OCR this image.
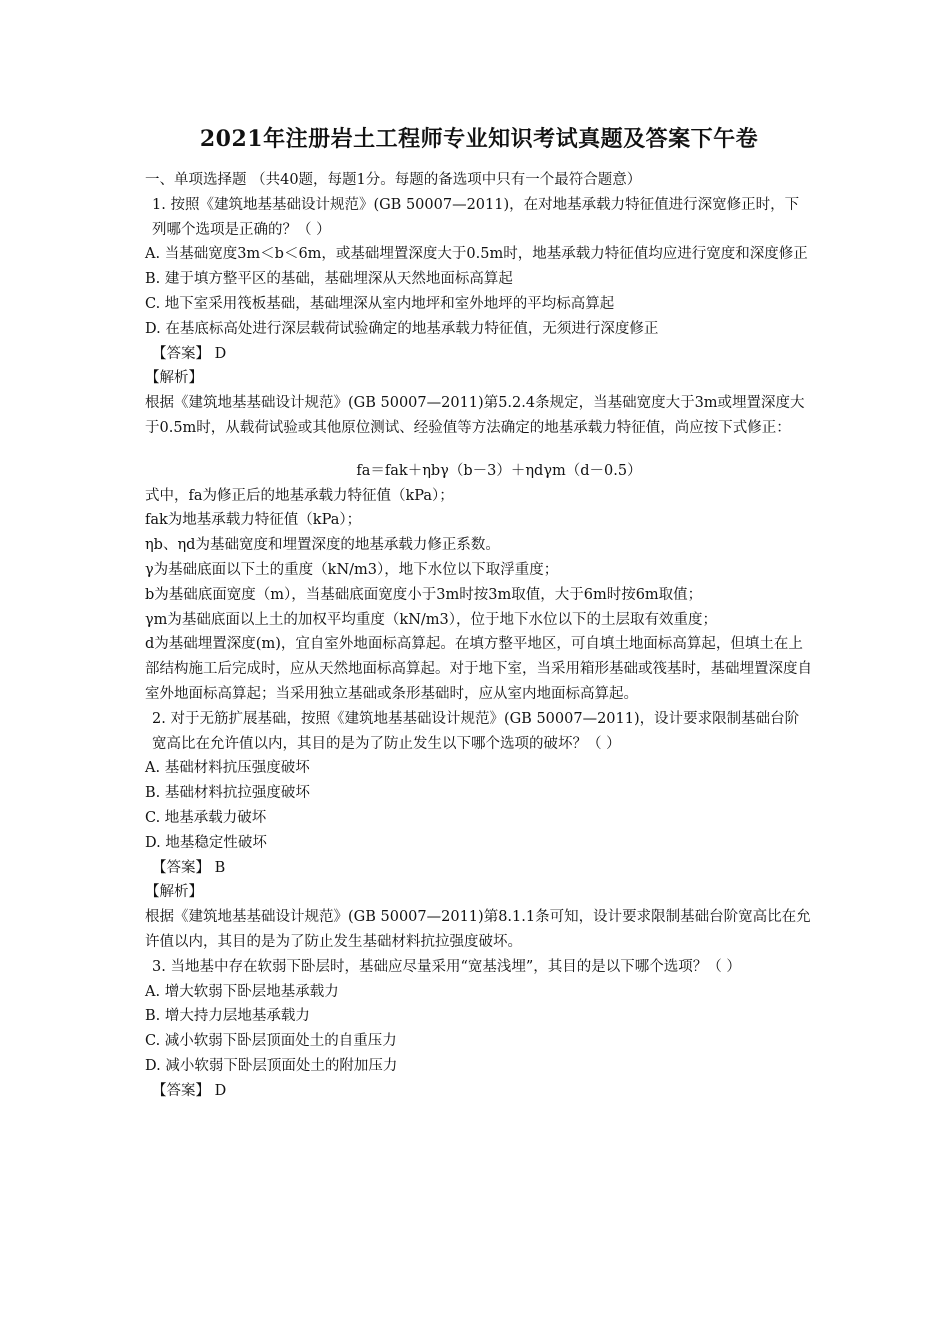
2021年注册岩土工程师专业知识考试真题及答案下午卷

一、单项选择题 （共40题，每题1分。每题的备选项中只有一个最符合题意）

1. 按照《建筑地基基础设计规范》(GB 50007—2011)，在对地基承载力特征值进行深宽修正时，下列哪个选项是正确的？（ ）

A. 当基础宽度3m＜b＜6m，或基础埋置深度大于0.5m时，地基承载力特征值均应进行宽度和深度修正

B. 建于填方整平区的基础，基础埋深从天然地面标高算起

C. 地下室采用筏板基础，基础埋深从室内地坪和室外地坪的平均标高算起

D. 在基底标高处进行深层载荷试验确定的地基承载力特征值，无须进行深度修正

【答案】 D

【解析】

根据《建筑地基基础设计规范》(GB 50007—2011)第5.2.4条规定，当基础宽度大于3m或埋置深度大于0.5m时，从载荷试验或其他原位测试、经验值等方法确定的地基承载力特征值，尚应按下式修正：

fa＝fak＋ηbγ（b－3）＋ηdγm（d－0.5）

式中，fa为修正后的地基承载力特征值（kPa）；

fak为地基承载力特征值（kPa）；

ηb、ηd为基础宽度和埋置深度的地基承载力修正系数。

γ为基础底面以下土的重度（kN/m3），地下水位以下取浮重度；

b为基础底面宽度（m），当基础底面宽度小于3m时按3m取值，大于6m时按6m取值；

γm为基础底面以上土的加权平均重度（kN/m3），位于地下水位以下的土层取有效重度；

d为基础埋置深度(m)，宜自室外地面标高算起。在填方整平地区，可自填土地面标高算起，但填土在上部结构施工后完成时，应从天然地面标高算起。对于地下室，当采用箱形基础或筏基时，基础埋置深度自室外地面标高算起；当采用独立基础或条形基础时，应从室内地面标高算起。

2. 对于无筋扩展基础，按照《建筑地基基础设计规范》(GB 50007—2011)，设计要求限制基础台阶宽高比在允许值以内，其目的是为了防止发生以下哪个选项的破坏？（ ）

A. 基础材料抗压强度破坏

B. 基础材料抗拉强度破坏

C. 地基承载力破坏

D. 地基稳定性破坏

【答案】 B

【解析】

根据《建筑地基基础设计规范》(GB 50007—2011)第8.1.1条可知，设计要求限制基础台阶宽高比在允许值以内，其目的是为了防止发生基础材料抗拉强度破坏。

3. 当地基中存在软弱下卧层时，基础应尽量采用“宽基浅埋”，其目的是以下哪个选项？（ ）

A. 增大软弱下卧层地基承载力

B. 增大持力层地基承载力

C. 减小软弱下卧层顶面处土的自重压力

D. 减小软弱下卧层顶面处土的附加压力

【答案】 D
